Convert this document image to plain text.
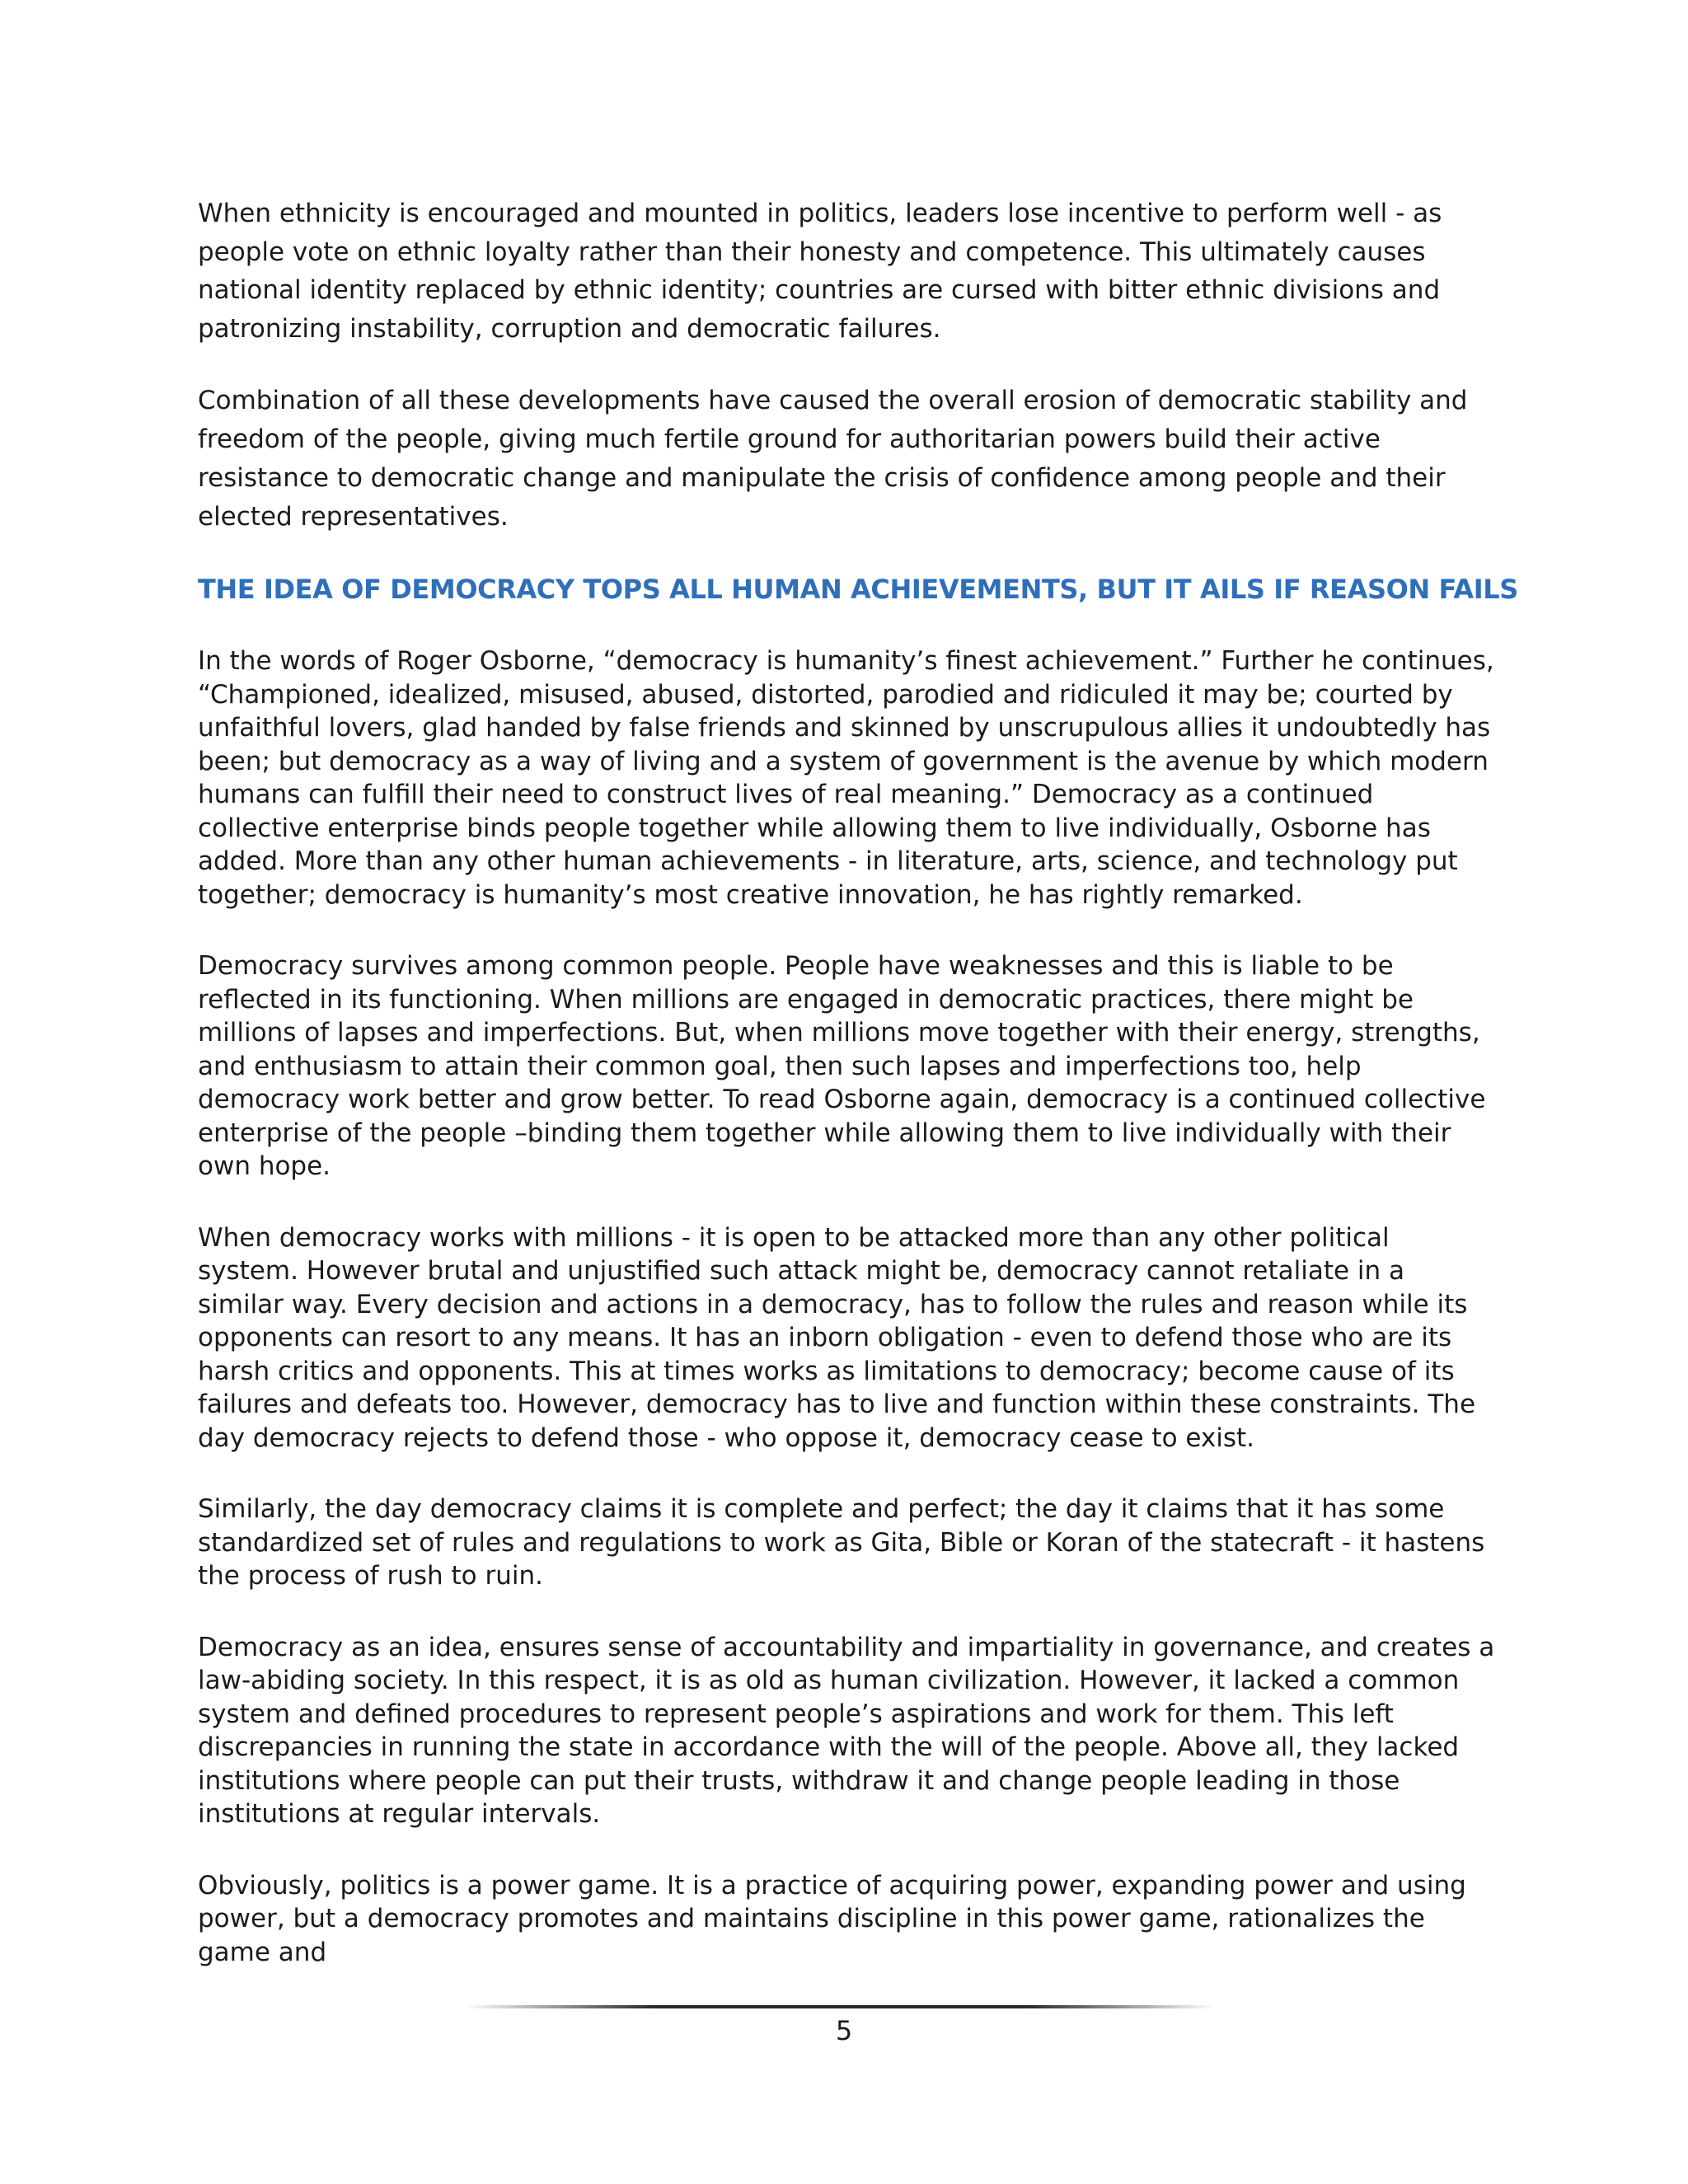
When ethnicity is encouraged and mounted in politics, leaders lose incentive to perform well - as people vote on ethnic loyalty rather than their honesty and competence. This ultimately causes national identity replaced by ethnic identity; countries are cursed with bitter ethnic divisions and patronizing instability, corruption and democratic failures.

Combination of all these developments have caused the overall erosion of democratic stability and freedom of the people, giving much fertile ground for authoritarian powers build their active resistance to democratic change and manipulate the crisis of confidence among people and their elected representatives.

THE IDEA OF DEMOCRACY TOPS ALL HUMAN ACHIEVEMENTS, BUT IT AILS IF REASON FAILS

In the words of Roger Osborne, “democracy is humanity’s finest achievement.” Further he continues, “Championed, idealized, misused, abused, distorted, parodied and ridiculed it may be; courted by unfaithful lovers, glad handed by false friends and skinned by unscrupulous allies it undoubtedly has been; but democracy as a way of living and a system of government is the avenue by which modern humans can fulfill their need to construct lives of real meaning.” Democracy as a continued collective enterprise binds people together while allowing them to live individually, Osborne has added. More than any other human achievements - in literature, arts, science, and technology put together; democracy is humanity’s most creative innovation, he has rightly remarked.

Democracy survives among common people. People have weaknesses and this is liable to be reflected in its functioning. When millions are engaged in democratic practices, there might be millions of lapses and imperfections. But, when millions move together with their energy, strengths, and enthusiasm to attain their common goal, then such lapses and imperfections too, help democracy work better and grow better. To read Osborne again, democracy is a continued collective enterprise of the people –binding them together while allowing them to live individually with their own hope.

When democracy works with millions - it is open to be attacked more than any other political system. However brutal and unjustified such attack might be, democracy cannot retaliate in a similar way. Every decision and actions in a democracy, has to follow the rules and reason while its opponents can resort to any means. It has an inborn obligation - even to defend those who are its harsh critics and opponents. This at times works as limitations to democracy; become cause of its failures and defeats too. However, democracy has to live and function within these constraints. The day democracy rejects to defend those - who oppose it, democracy cease to exist.

Similarly, the day democracy claims it is complete and perfect; the day it claims that it has some standardized set of rules and regulations to work as Gita, Bible or Koran of the statecraft - it hastens the process of rush to ruin.

Democracy as an idea, ensures sense of accountability and impartiality in governance, and creates a law-abiding society. In this respect, it is as old as human civilization. However, it lacked a common system and defined procedures to represent people’s aspirations and work for them. This left discrepancies in running the state in accordance with the will of the people. Above all, they lacked institutions where people can put their trusts, withdraw it and change people leading in those institutions at regular intervals.

Obviously, politics is a power game. It is a practice of acquiring power, expanding power and using power, but a democracy promotes and maintains discipline in this power game, rationalizes the game and

5
